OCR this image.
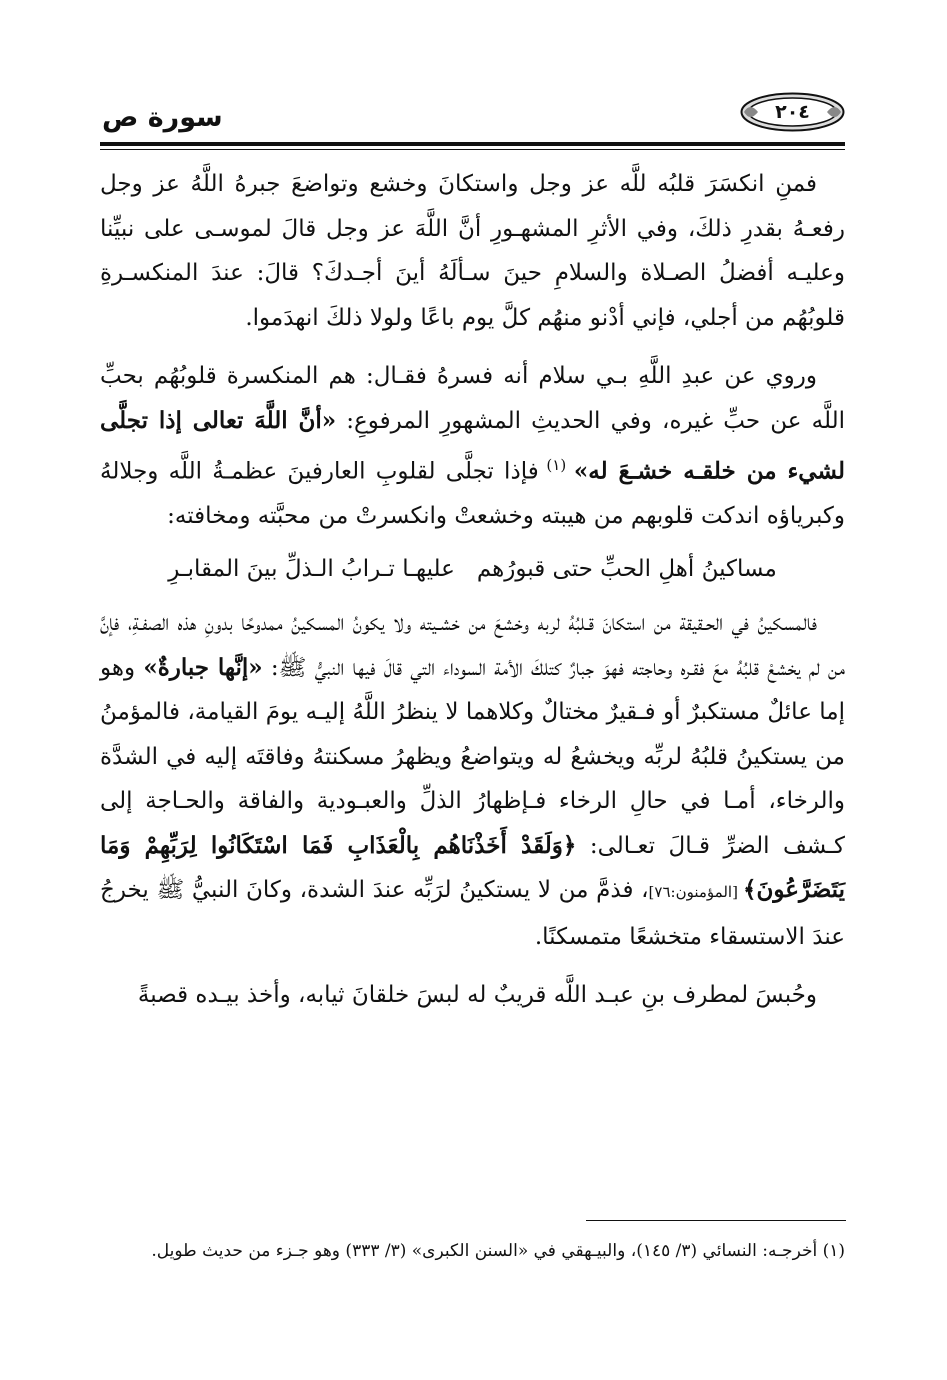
سورة ص	٢٠٤

فمنِ انكسَرَ قلبُه للَّه عز وجل واستكانَ وخشع وتواضعَ جبرهُ اللَّهُ عز وجل رفعـهُ بقدرِ ذلكَ، وفي الأثرِ المشهـورِ أنَّ اللَّهَ عز وجل قالَ لموسـى على نبيِّنا وعليـه أفضلُ الصـلاة والسلامِ حينَ سـألَهُ أينَ أجـدكَ؟ قالَ: عندَ المنكسـرةِ قلوبُهُم من أجلي، فإني أدْنو منهُم كلَّ يوم باعًا ولولا ذلكَ انهدَموا.

وروي عن عبدِ اللَّهِ بـي سلام أنه فسرهُ فقـال: هم المنكسرة قلوبُهُم بحبِّ اللَّه عن حبِّ غيره، وفي الحديثِ المشهورِ المرفوعِ: «أنَّ اللَّهَ تعالى إذا تجلَّى لشيء من خلقـه خشـعَ له» $^{(١)}$ فإذا تجلَّى لقلوبِ العارفينَ عظمـةُ اللَّه وجلالهُ وكبرياؤه اندكت قلوبهم من هيبته وخشعتْ وانكسرتْ من محبَّته ومخافته:

مساكينُ أهلِ الحبِّ حتى قبورُهم
عليهـا تـرابُ الـذلِّ بينَ المقابـرِ

فالمسكينُ في الحـقيقة من استكانَ قـلبُهُ لربه وخشعَ من خشـيته ولا يكونُ المسكينُ ممدوحًا بدونِ هذه الصفـةِ، فإنَّ من لم يخشعْ قلبُهُ معَ فقـره وحاجته فهوَ جبارٌ كتلكَ الأمة السوداء التي قالَ فيها النبيُّ ﷺ: «إنَّها جبارةٌ» وهو إما عائلٌ مستكبرٌ أو فـقيرٌ مختالٌ وكلاهما لا ينظرُ اللَّهُ إليـه يومَ القيامة، فالمؤمنُ من يستكينُ قلبُهُ لربِّه ويخشعُ له ويتواضعُ ويظهرُ مسكنتهُ وفاقتَه إليه في الشدَّة والرخاء، أمـا في حالِ الرخاء فـإظهارُ الذلِّ والعبـودية والفاقة والحـاجة إلى كـشف الضرِّ قـالَ تعـالى: ﴿وَلَقَدْ أَخَذْنَاهُم بِالْعَذَابِ فَمَا اسْتَكَانُوا لِرَبِّهِمْ وَمَا يَتَضَرَّعُونَ﴾ [المؤمنون:٧٦]، فذمَّ من لا يستكينُ لرَبِّه عندَ الشدة، وكانَ النبيُّ ﷺ يخرجُ عندَ الاستسقاء متخشعًا متمسكنًا.

وحُبسَ لمطرف بنِ عبـد اللَّه قريبٌ له لبسَ خلقانَ ثيابه، وأخذ بيـده قصبةً

(١) أخرجـه: النسائي (٣/ ١٤٥)، والبيـهقي في «السنن الكبرى» (٣/ ٣٣٣) وهو جـزء من حديث طويل.
